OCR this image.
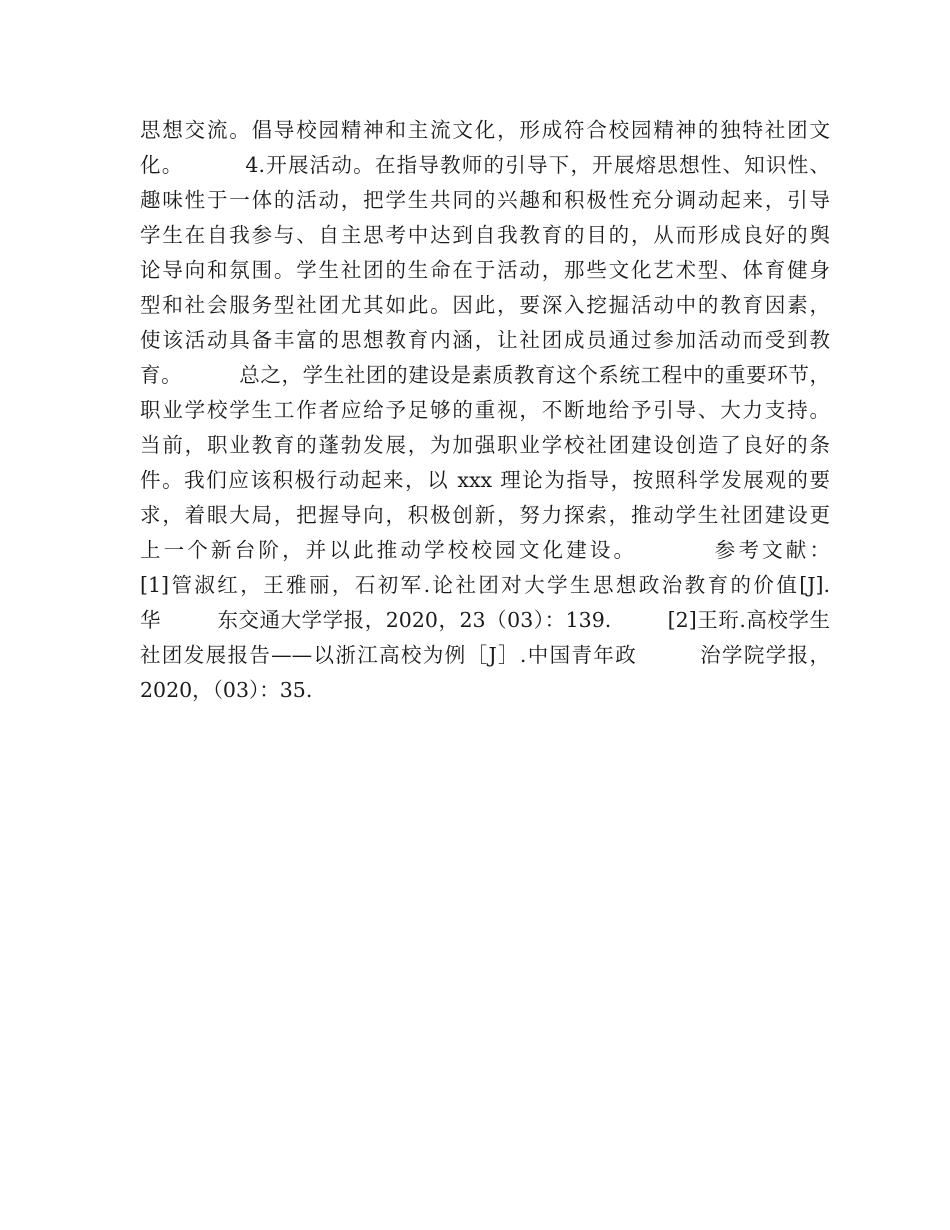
思想交流。倡导校园精神和主流文化，形成符合校园精神的独特社团文
化。        4.开展活动。在指导教师的引导下，开展熔思想性、知识性、
趣味性于一体的活动，把学生共同的兴趣和积极性充分调动起来，引导
学生在自我参与、自主思考中达到自我教育的目的，从而形成良好的舆
论导向和氛围。学生社团的生命在于活动，那些文化艺术型、体育健身
型和社会服务型社团尤其如此。因此，要深入挖掘活动中的教育因素，
使该活动具备丰富的思想教育内涵，让社团成员通过参加活动而受到教
育。        总之，学生社团的建设是素质教育这个系统工程中的重要环节，
职业学校学生工作者应给予足够的重视，不断地给予引导、大力支持。
当前，职业教育的蓬勃发展，为加强职业学校社团建设创造了良好的条
件。我们应该积极行动起来，以 xxx 理论为指导，按照科学发展观的要
求，着眼大局，把握导向，积极创新，努力探索，推动学生社团建设更
上一个新台阶，并以此推动学校校园文化建设。        参考文献：
[1]管淑红，王雅丽，石初军.论社团对大学生思想政治教育的价值[J].
华        东交通大学学报，2020，23（03）：139.        [2]王珩.高校学生
社团发展报告——以浙江高校为例［J］.中国青年政        治学院学报，
2020，（03）：35.
